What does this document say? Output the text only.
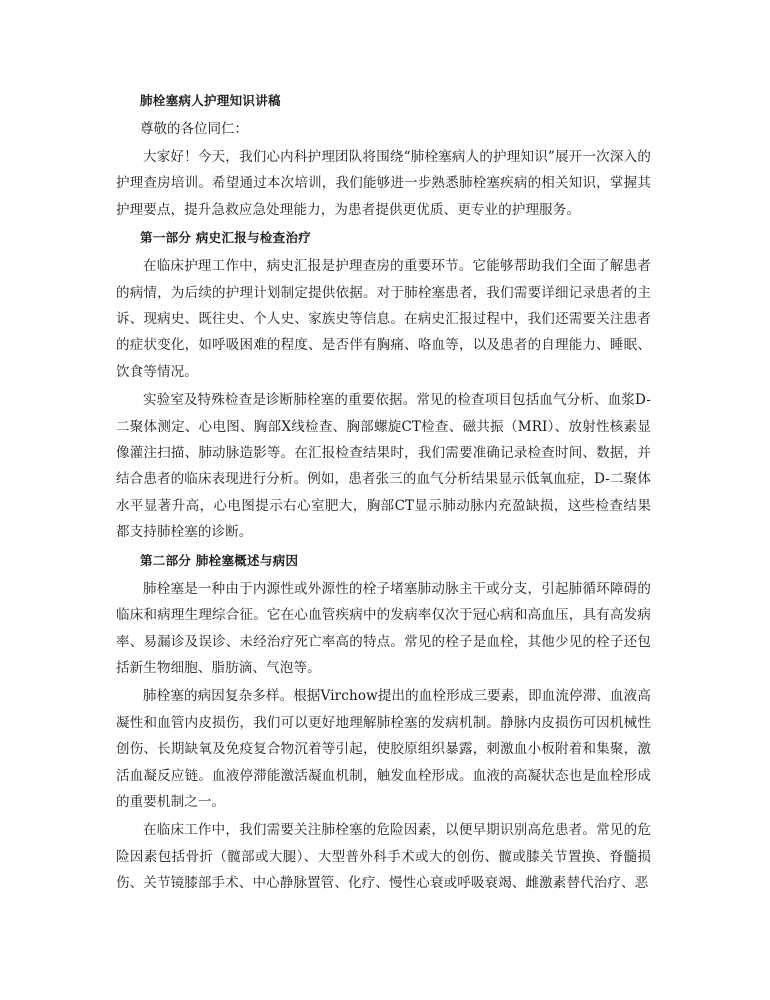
肺栓塞病人护理知识讲稿
尊敬的各位同仁：

大家好！今天，我们心内科护理团队将围绕“肺栓塞病人的护理知识”展开一次深入的护理查房培训。希望通过本次培训，我们能够进一步熟悉肺栓塞疾病的相关知识，掌握其护理要点，提升急救应急处理能力，为患者提供更优质、更专业的护理服务。

第一部分 病史汇报与检查治疗

在临床护理工作中，病史汇报是护理查房的重要环节。它能够帮助我们全面了解患者的病情，为后续的护理计划制定提供依据。对于肺栓塞患者，我们需要详细记录患者的主诉、现病史、既往史、个人史、家族史等信息。在病史汇报过程中，我们还需要关注患者的症状变化，如呼吸困难的程度、是否伴有胸痛、咯血等，以及患者的自理能力、睡眠、饮食等情况。

实验室及特殊检查是诊断肺栓塞的重要依据。常见的检查项目包括血气分析、血浆D-二聚体测定、心电图、胸部X线检查、胸部螺旋CT检查、磁共振（MRI）、放射性核素显像灌注扫描、肺动脉造影等。在汇报检查结果时，我们需要准确记录检查时间、数据，并结合患者的临床表现进行分析。例如，患者张三的血气分析结果显示低氧血症，D-二聚体水平显著升高，心电图提示右心室肥大，胸部CT显示肺动脉内充盈缺损，这些检查结果都支持肺栓塞的诊断。

第二部分 肺栓塞概述与病因

肺栓塞是一种由于内源性或外源性的栓子堵塞肺动脉主干或分支，引起肺循环障碍的临床和病理生理综合征。它在心血管疾病中的发病率仅次于冠心病和高血压，具有高发病率、易漏诊及误诊、未经治疗死亡率高的特点。常见的栓子是血栓，其他少见的栓子还包括新生物细胞、脂肪滴、气泡等。

肺栓塞的病因复杂多样。根据Virchow提出的血栓形成三要素，即血流停滞、血液高凝性和血管内皮损伤，我们可以更好地理解肺栓塞的发病机制。静脉内皮损伤可因机械性创伤、长期缺氧及免疫复合物沉着等引起，使胶原组织暴露，刺激血小板附着和集聚，激活血凝反应链。血液停滞能激活凝血机制，触发血栓形成。血液的高凝状态也是血栓形成的重要机制之一。

在临床工作中，我们需要关注肺栓塞的危险因素，以便早期识别高危患者。常见的危险因素包括骨折（髋部或大腿）、大型普外科手术或大的创伤、髋或膝关节置换、脊髓损伤、关节镜膝部手术、中心静脉置管、化疗、慢性心衰或呼吸衰竭、雌激素替代治疗、恶
